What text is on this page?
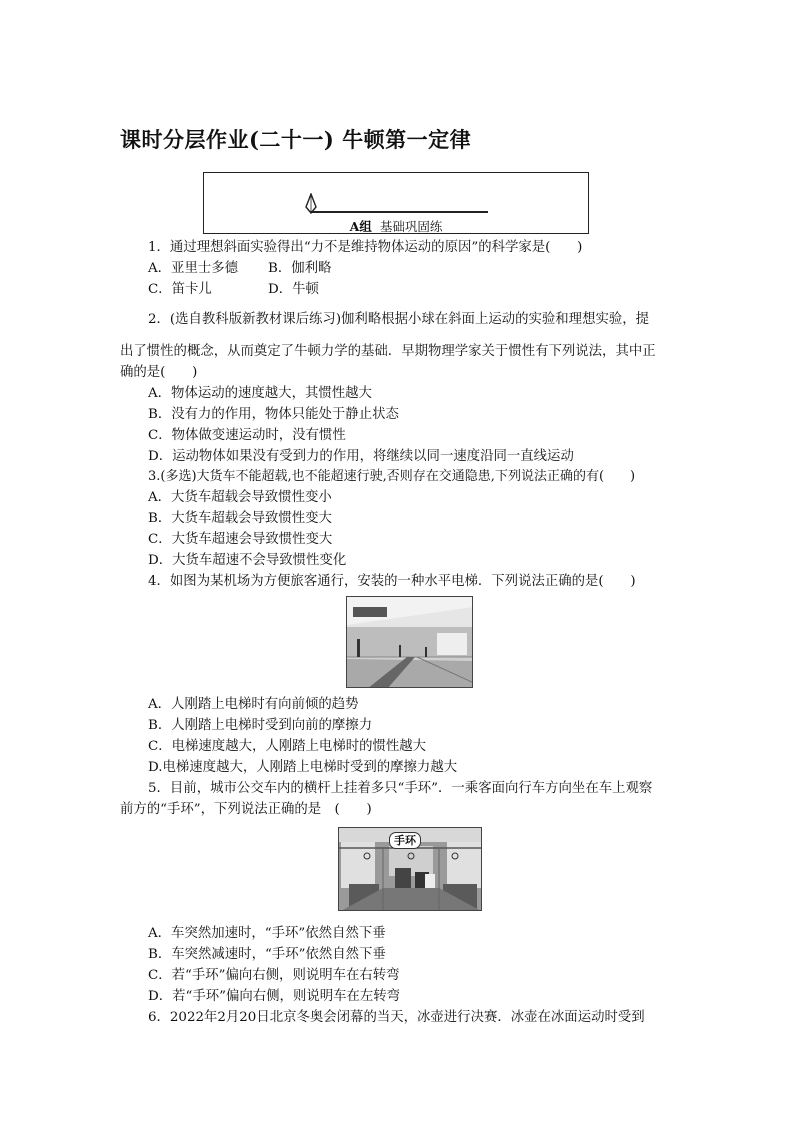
课时分层作业(二十一) 牛顿第一定律
A组 基础巩固练
1．通过理想斜面实验得出“力不是维持物体运动的原因”的科学家是(　　)
A．亚里士多德 B．伽利略
C．笛卡儿	D．牛顿
2．(选自教科版新教材课后练习)伽利略根据小球在斜面上运动的实验和理想实验，提
出了惯性的概念，从而奠定了牛顿力学的基础．早期物理学家关于惯性有下列说法，其中正
确的是(　　)
A．物体运动的速度越大，其惯性越大
B．没有力的作用，物体只能处于静止状态
C．物体做变速运动时，没有惯性
D．运动物体如果没有受到力的作用，将继续以同一速度沿同一直线运动
3.(多选)大货车不能超载,也不能超速行驶,否则存在交通隐患,下列说法正确的有(　　)
A．大货车超载会导致惯性变小
B．大货车超载会导致惯性变大
C．大货车超速会导致惯性变大
D．大货车超速不会导致惯性变化
4．如图为某机场为方便旅客通行，安装的一种水平电梯．下列说法正确的是(　　)
A．人刚踏上电梯时有向前倾的趋势
B．人刚踏上电梯时受到向前的摩擦力
C．电梯速度越大，人刚踏上电梯时的惯性越大
D.电梯速度越大，人刚踏上电梯时受到的摩擦力越大
5．目前，城市公交车内的横杆上挂着多只“手环”．一乘客面向行车方向坐在车上观察
前方的“手环”，下列说法正确的是　(　　)
手环
A．车突然加速时，“手环”依然自然下垂
B．车突然减速时，“手环”依然自然下垂
C．若“手环”偏向右侧，则说明车在右转弯
D．若“手环”偏向右侧，则说明车在左转弯
6．2022年2月20日北京冬奥会闭幕的当天，冰壶进行决赛．冰壶在冰面运动时受到
